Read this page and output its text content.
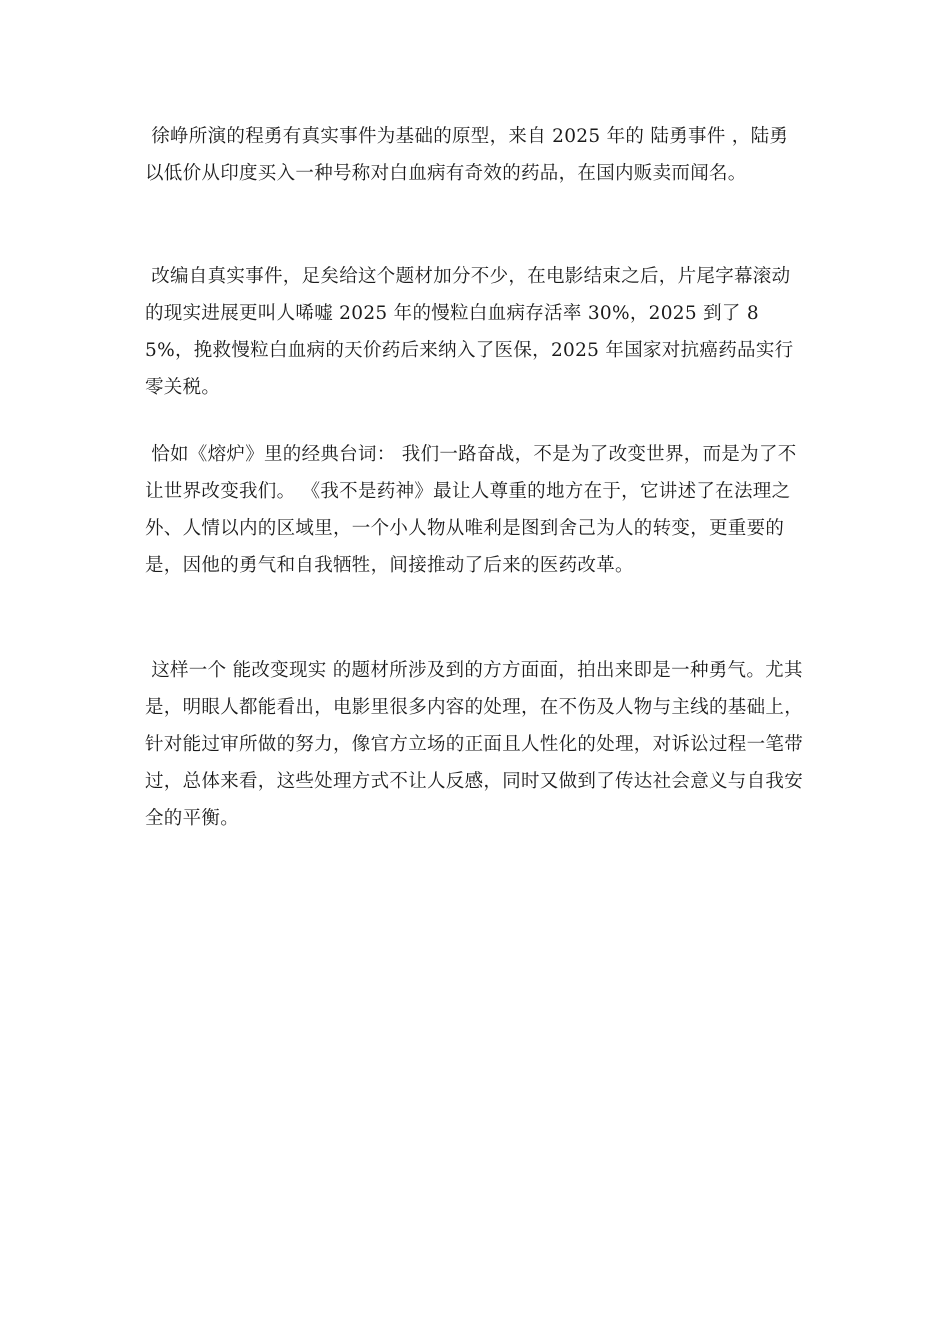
徐峥所演的程勇有真实事件为基础的原型，来自 2025 年的 陆勇事件 ，陆勇以低价从印度买入一种号称对白血病有奇效的药品，在国内贩卖而闻名。

改编自真实事件，足矣给这个题材加分不少，在电影结束之后，片尾字幕滚动的现实进展更叫人唏嘘 2025 年的慢粒白血病存活率 30%，2025 到了 85%，挽救慢粒白血病的天价药后来纳入了医保，2025 年国家对抗癌药品实行零关税。

恰如《熔炉》里的经典台词： 我们一路奋战，不是为了改变世界，而是为了不让世界改变我们。 《我不是药神》最让人尊重的地方在于，它讲述了在法理之外、人情以内的区域里，一个小人物从唯利是图到舍己为人的转变，更重要的是，因他的勇气和自我牺牲，间接推动了后来的医药改革。

这样一个 能改变现实 的题材所涉及到的方方面面，拍出来即是一种勇气。尤其是，明眼人都能看出，电影里很多内容的处理，在不伤及人物与主线的基础上，针对能过审所做的努力，像官方立场的正面且人性化的处理，对诉讼过程一笔带过，总体来看，这些处理方式不让人反感，同时又做到了传达社会意义与自我安全的平衡。
